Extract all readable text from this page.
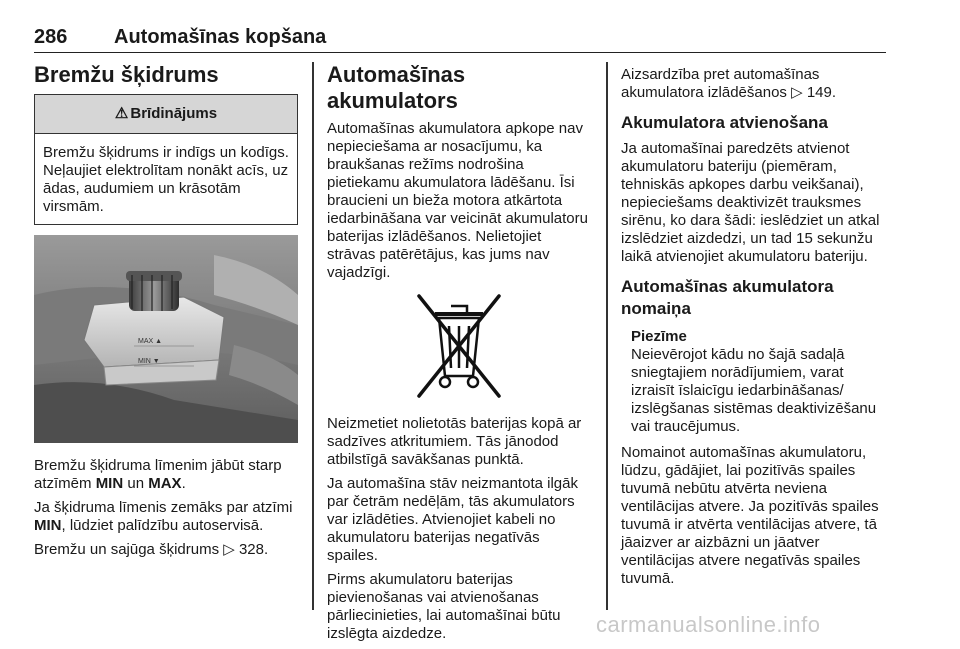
286 Automašīnas kopšana
Bremžu šķidrums
⚠ Brīdinājums

Bremžu šķidrums ir indīgs un kodīgs. Neļaujiet elektrolītam nonākt acīs, uz ādas, audumiem un krāsotām virsmām.

MAX ▲
MIN ▼

Bremžu šķidruma līmenim jābūt starp atzīmēm MIN un MAX.

Ja šķidruma līmenis zemāks par atzīmi MIN, lūdziet palīdzību autoservisā.

Bremžu un sajūga šķidrums ▷ 328.

Automašīnas akumulators

Automašīnas akumulatora apkope nav nepieciešama ar nosacījumu, ka braukšanas režīms nodrošina pietiekamu akumulatora lādēšanu. Īsi braucieni un bieža motora atkārtota iedarbināšana var veicināt akumulatoru baterijas izlādēšanos. Nelietojiet strāvas patērētājus, kas jums nav vajadzīgi.

Neizmetiet nolietotās baterijas kopā ar sadzīves atkritumiem. Tās jānodod atbilstīgā savākšanas punktā.

Ja automašīna stāv neizmantota ilgāk par četrām nedēļām, tās akumulators var izlādēties. Atvienojiet kabeli no akumulatoru baterijas negatīvās spailes.

Pirms akumulatoru baterijas pievienošanas vai atvienošanas pārliecinieties, lai automašīnai būtu izslēgta aizdedze.

Aizsardzība pret automašīnas akumulatora izlādēšanos ▷ 149.

Akumulatora atvienošana

Ja automašīnai paredzēts atvienot akumulatoru bateriju (piemēram, tehniskās apkopes darbu veikšanai), nepieciešams deaktivizēt trauksmes sirēnu, ko dara šādi: ieslēdziet un atkal izslēdziet aizdedzi, un tad 15 sekunžu laikā atvienojiet akumulatoru bateriju.

Automašīnas akumulatora nomaiņa
Piezīme

Neievērojot kādu no šajā sadaļā sniegtajiem norādījumiem, varat izraisīt īslaicīgu iedarbināšanas/ izslēgšanas sistēmas deaktivizēšanu vai traucējumus.

Nomainot automašīnas akumulatoru, lūdzu, gādājiet, lai pozitīvās spailes tuvumā nebūtu atvērta neviena ventilācijas atvere. Ja pozitīvās spailes tuvumā ir atvērta ventilācijas atvere, tā jāaizver ar aizbāzni un jāatver ventilācijas atvere negatīvās spailes tuvumā.

carmanualsonline.info
